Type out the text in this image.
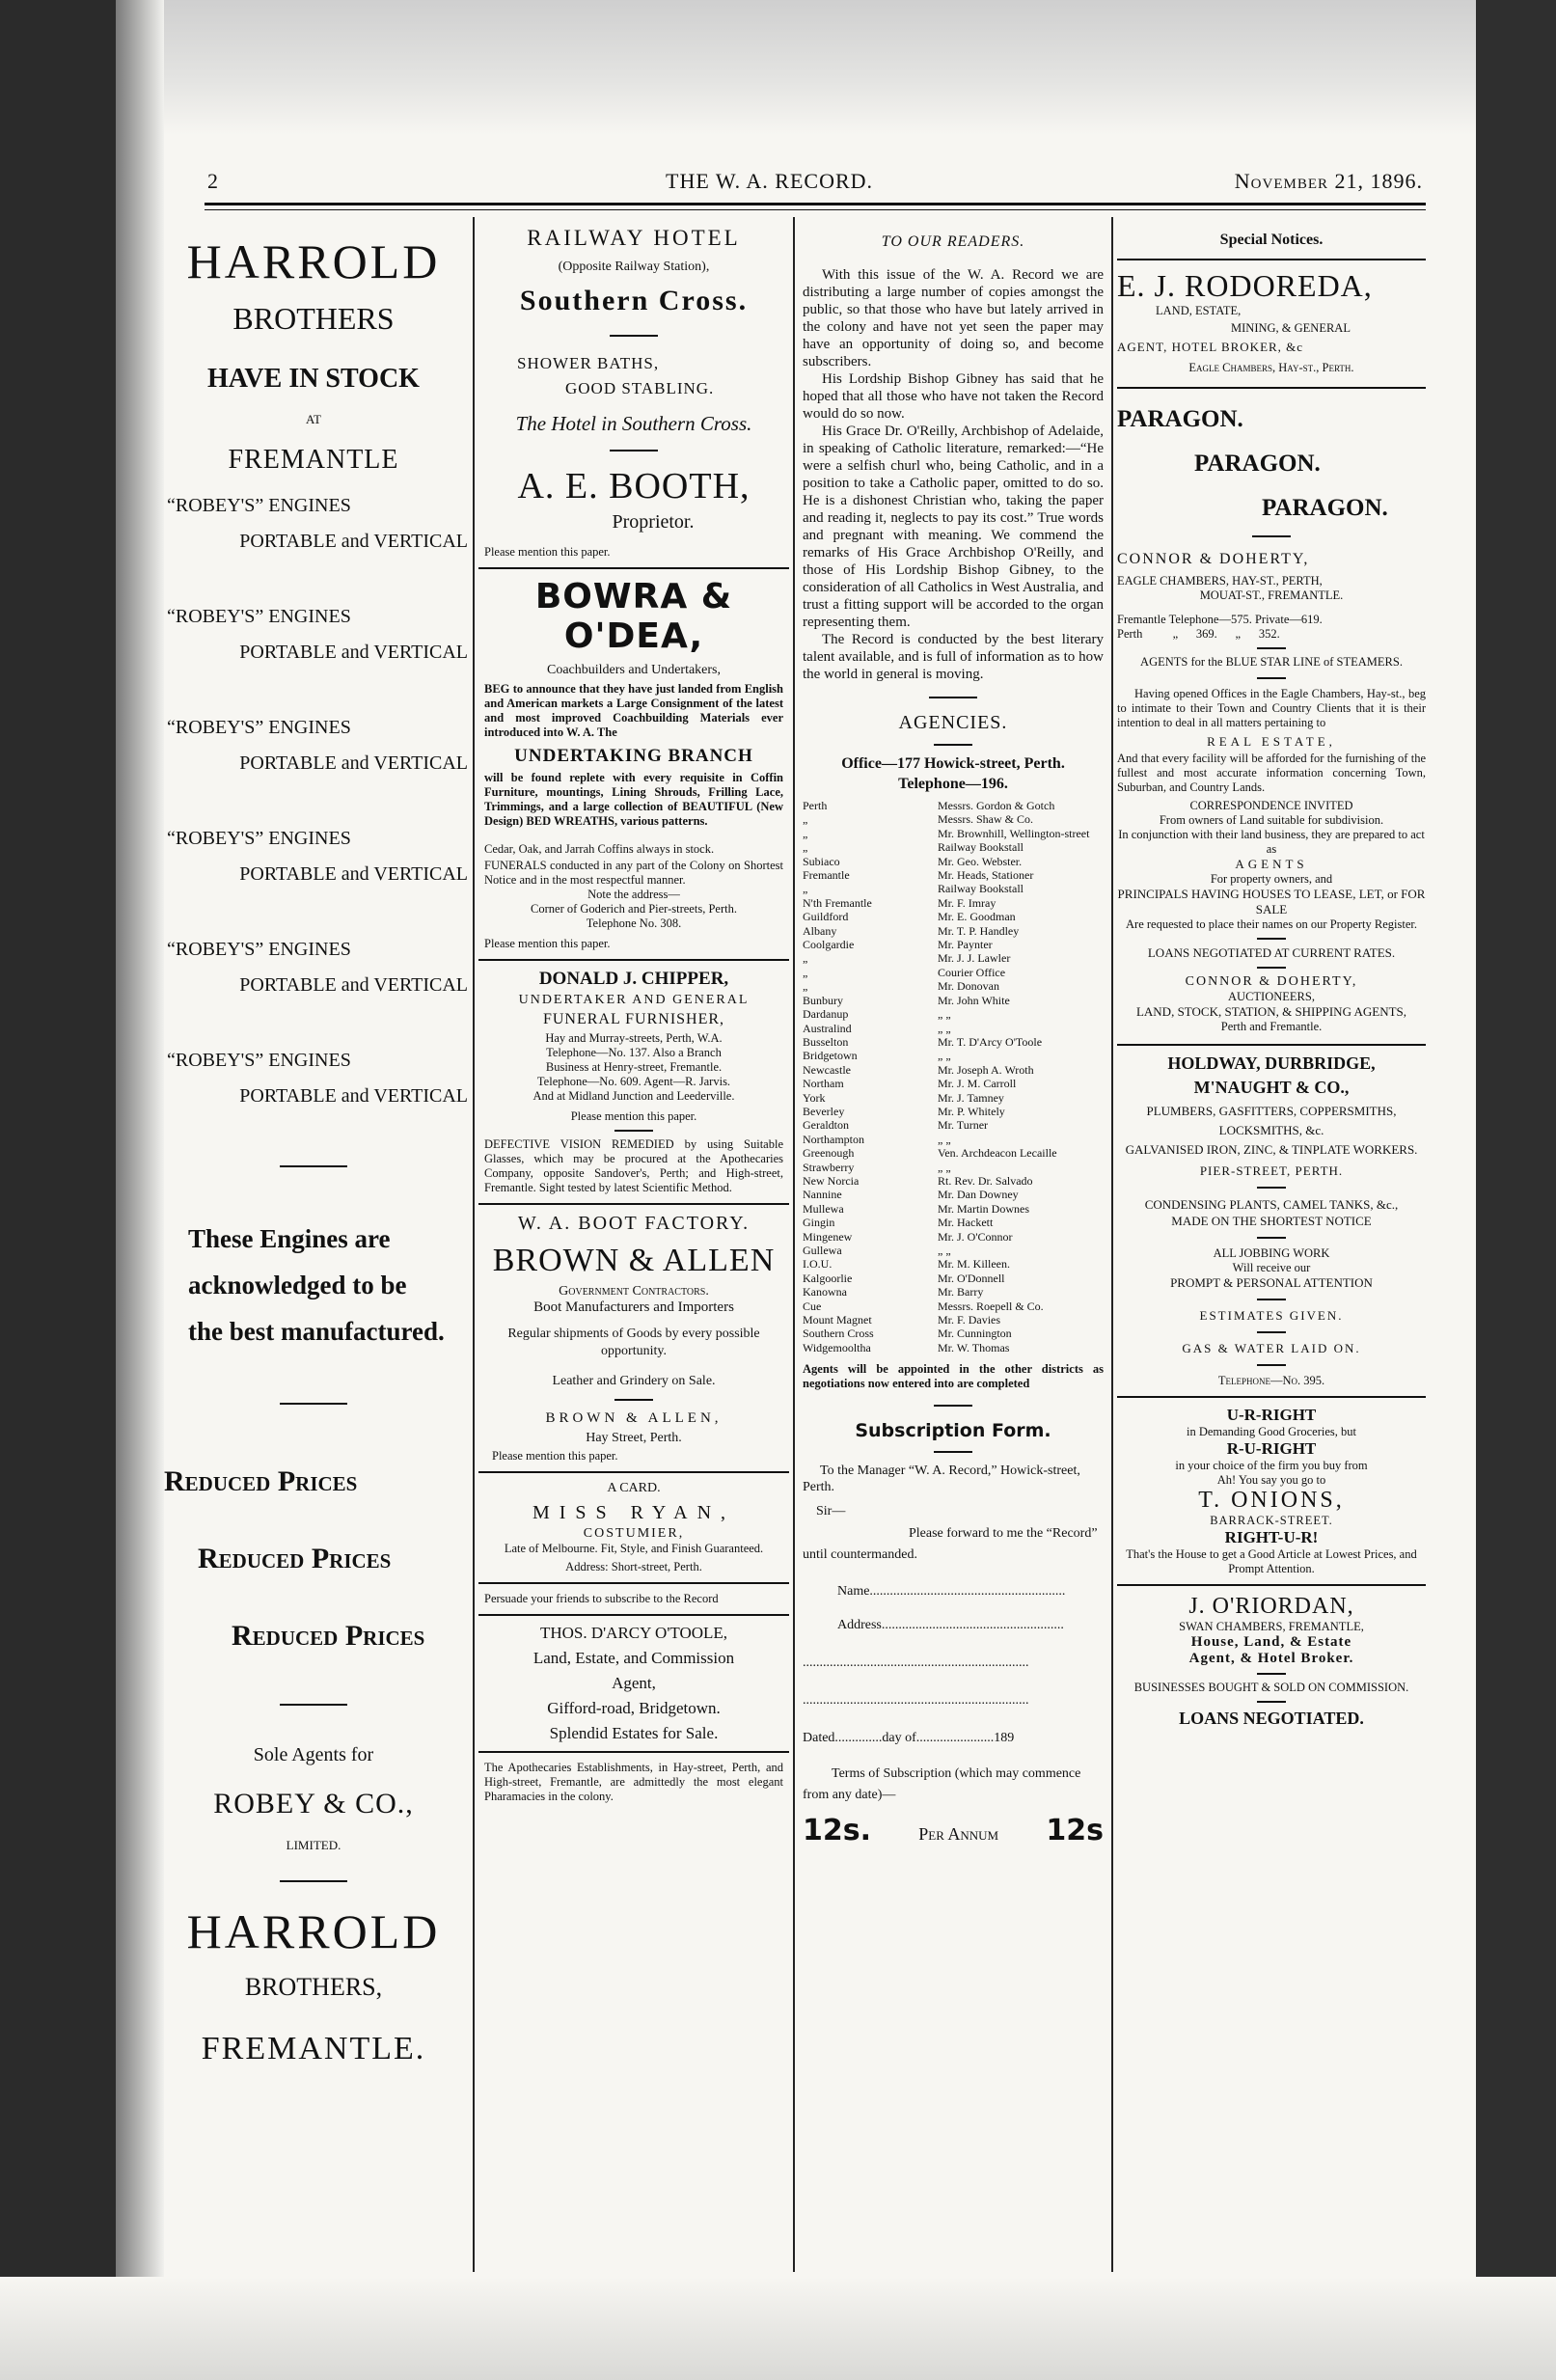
2	THE W. A. RECORD.	November 21, 1896.
HARROLD
BROTHERS
HAVE IN STOCK
AT
FREMANTLE
“ROBEY'S” ENGINES
PORTABLE and VERTICAL
“ROBEY'S” ENGINES
PORTABLE and VERTICAL
“ROBEY'S” ENGINES
PORTABLE and VERTICAL
“ROBEY'S” ENGINES
PORTABLE and VERTICAL
“ROBEY'S” ENGINES
PORTABLE and VERTICAL
“ROBEY'S” ENGINES
PORTABLE and VERTICAL
These Engines are
acknowledged to be
the best manufactured.
Reduced Prices
Reduced Prices
Reduced Prices
Sole Agents for
ROBEY & CO.,
LIMITED.
HARROLD
BROTHERS,
FREMANTLE.
RAILWAY HOTEL
(Opposite Railway Station),
Southern Cross.
SHOWER BATHS,
GOOD STABLING.
The Hotel in Southern Cross.
A. E. BOOTH,
Proprietor.
Please mention this paper.
BOWRA & O'DEA,
Coachbuilders and Undertakers,
BEG to announce that they have just landed from English and American markets a Large Consignment of the latest and most improved Coachbuilding Materials ever introduced into W. A. The
UNDERTAKING BRANCH
will be found replete with every requisite in Coffin Furniture, mountings, Lining Shrouds, Frilling Lace, Trimmings, and a large collection of BEAUTIFUL (New Design) BED WREATHS, various patterns.
Cedar, Oak, and Jarrah Coffins always in stock.
FUNERALS conducted in any part of the Colony on Shortest Notice and in the most respectful manner.
Note the address—
Corner of Goderich and Pier-streets, Perth.
Telephone No. 308.
Please mention this paper.
DONALD J. CHIPPER,
UNDERTAKER AND GENERAL
FUNERAL FURNISHER,
Hay and Murray-streets, Perth, W.A.
Telephone—No. 137. Also a Branch
Business at Henry-street, Fremantle.
Telephone—No. 609. Agent—R. Jarvis.
And at Midland Junction and Leederville.
Please mention this paper.
DEFECTIVE VISION REMEDIED by using Suitable Glasses, which may be procured at the Apothecaries Company, opposite Sandover's, Perth; and High-street, Fremantle. Sight tested by latest Scientific Method.
W. A. BOOT FACTORY.
BROWN & ALLEN
Government Contractors.
Boot Manufacturers and Importers
Regular shipments of Goods by every possible opportunity.
Leather and Grindery on Sale.
BROWN & ALLEN,
Hay Street, Perth.
Please mention this paper.
A CARD.
MISS RYAN,
COSTUMIER,
Late of Melbourne. Fit, Style, and Finish Guaranteed.
Address: Short-street, Perth.
Persuade your friends to subscribe to the Record
THOS. D'ARCY O'TOOLE,
Land, Estate, and Commission
Agent,
Gifford-road, Bridgetown.
Splendid Estates for Sale.
The Apothecaries Establishments, in Hay-street, Perth, and High-street, Fremantle, are admittedly the most elegant Pharamacies in the colony.
TO OUR READERS.
With this issue of the W. A. Record we are distributing a large number of copies amongst the public, so that those who have but lately arrived in the colony and have not yet seen the paper may have an opportunity of doing so, and become subscribers.
His Lordship Bishop Gibney has said that he hoped that all those who have not taken the Record would do so now.
His Grace Dr. O'Reilly, Archbishop of Adelaide, in speaking of Catholic literature, remarked:—“He were a selfish churl who, being Catholic, and in a position to take a Catholic paper, omitted to do so. He is a dishonest Christian who, taking the paper and reading it, neglects to pay its cost.” True words and pregnant with meaning. We commend the remarks of His Grace Archbishop O'Reilly, and those of His Lordship Bishop Gibney, to the consideration of all Catholics in West Australia, and trust a fitting support will be accorded to the organ representing them.
The Record is conducted by the best literary talent available, and is full of information as to how the world in general is moving.
AGENCIES.
Office—177 Howick-street, Perth.
Telephone—196.
Perth	Messrs. Gordon & Gotch
„	Messrs. Shaw & Co.
„	Mr. Brownhill, Wellington-street
„	Railway Bookstall
Subiaco	Mr. Geo. Webster.
Fremantle	Mr. Heads, Stationer
„	Railway Bookstall
N'th Fremantle	Mr. F. Imray
Guildford	Mr. E. Goodman
Albany	Mr. T. P. Handley
Coolgardie	Mr. Paynter
„	Mr. J. J. Lawler
„	Courier Office
„	Mr. Donovan
Bunbury	Mr. John White
Dardanup	„ „
Australind	„ „
Busselton	Mr. T. D'Arcy O'Toole
Bridgetown	„ „
Newcastle	Mr. Joseph A. Wroth
Northam	Mr. J. M. Carroll
York	Mr. J. Tamney
Beverley	Mr. P. Whitely
Geraldton	Mr. Turner
Northampton	„ „
Greenough	Ven. Archdeacon Lecaille
Strawberry	„ „
New Norcia	Rt. Rev. Dr. Salvado
Nannine	Mr. Dan Downey
Mullewa	Mr. Martin Downes
Gingin	Mr. Hackett
Mingenew	Mr. J. O'Connor
Gullewa	„ „
I.O.U.	Mr. M. Killeen.
Kalgoorlie	Mr. O'Donnell
Kanowna	Mr. Barry
Cue	Messrs. Roepell & Co.
Mount Magnet	Mr. F. Davies
Southern Cross	Mr. Cunnington
Widgemooltha	Mr. W. Thomas
Agents will be appointed in the other districts as negotiations now entered into are completed
Subscription Form.
To the Manager “W. A. Record,” Howick-street, Perth.
Sir—
Please forward to me the “Record” until countermanded.
Name..........................................................
Address......................................................
...................................................................
...................................................................
Dated..............day of.......................189
Terms of Subscription (which may commence from any date)—
12s.	Per Annum 12s
Special Notices.
E. J. RODOREDA,
LAND, ESTATE,
MINING, & GENERAL
AGENT, HOTEL BROKER, &c
Eagle Chambers, Hay-st., Perth.
PARAGON.
PARAGON.
PARAGON.
CONNOR & DOHERTY,
EAGLE CHAMBERS, HAY-ST., PERTH,
MOUAT-ST., FREMANTLE.
Fremantle Telephone—575. Private—619.
Perth          „      369.      „      352.
AGENTS for the BLUE STAR LINE of STEAMERS.
Having opened Offices in the Eagle Chambers, Hay-st., beg to intimate to their Town and Country Clients that it is their intention to deal in all matters pertaining to
REAL ESTATE,
And that every facility will be afforded for the furnishing of the fullest and most accurate information concerning Town, Suburban, and Country Lands.
CORRESPONDENCE INVITED
From owners of Land suitable for subdivision.
In conjunction with their land business, they are prepared to act as
AGENTS
For property owners, and
PRINCIPALS HAVING HOUSES TO LEASE, LET, or FOR SALE
Are requested to place their names on our Property Register.
LOANS NEGOTIATED AT CURRENT RATES.
CONNOR & DOHERTY,
AUCTIONEERS,
LAND, STOCK, STATION, & SHIPPING AGENTS,
Perth and Fremantle.
HOLDWAY, DURBRIDGE,
M'NAUGHT & CO.,
PLUMBERS, GASFITTERS, COPPERSMITHS, LOCKSMITHS, &c.
GALVANISED IRON, ZINC, & TINPLATE WORKERS.
PIER-STREET, PERTH.
CONDENSING PLANTS, CAMEL TANKS, &c.,
MADE ON THE SHORTEST NOTICE
ALL JOBBING WORK
Will receive our
PROMPT & PERSONAL ATTENTION
ESTIMATES GIVEN.
GAS & WATER LAID ON.
Telephone—No. 395.
U-R-RIGHT
in Demanding Good Groceries, but
R-U-RIGHT
in your choice of the firm you buy from
Ah! You say you go to
T. ONIONS,
BARRACK-STREET.
RIGHT-U-R!
That's the House to get a Good Article at Lowest Prices, and Prompt Attention.
J. O'RIORDAN,
SWAN CHAMBERS, FREMANTLE,
House, Land, & Estate
Agent, & Hotel Broker.
BUSINESSES BOUGHT & SOLD ON COMMISSION.
LOANS NEGOTIATED.
